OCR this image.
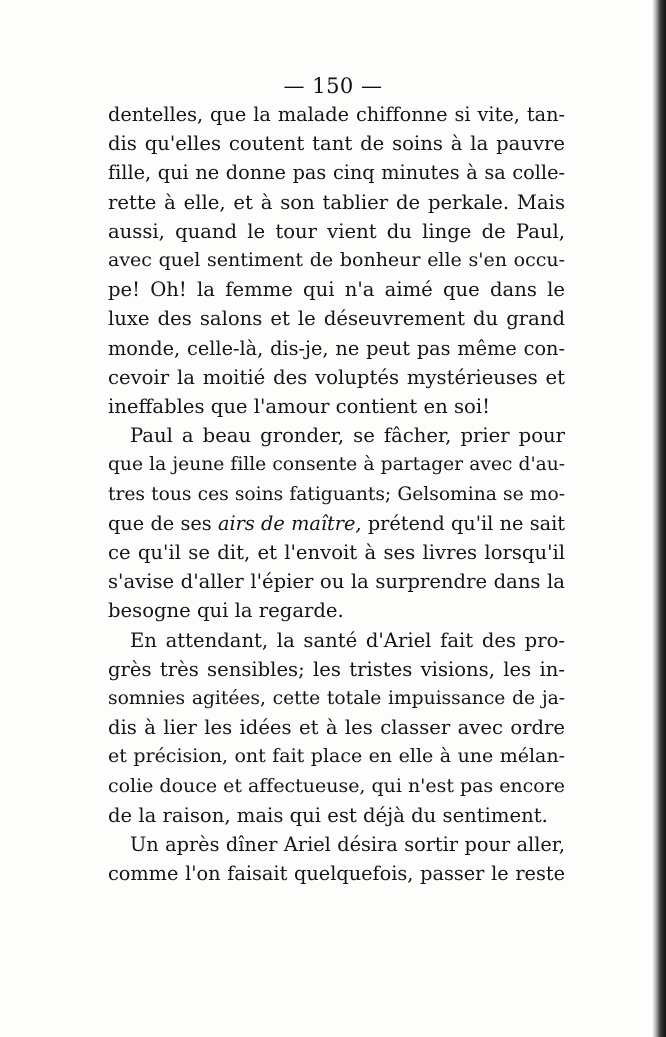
— 150 —

dentelles, que la malade chiffonne si vite, tan-
dis qu'elles coutent tant de soins à la pauvre
fille, qui ne donne pas cinq minutes à sa colle-
rette à elle, et à son tablier de perkale. Mais
aussi, quand le tour vient du linge de Paul,
avec quel sentiment de bonheur elle s'en occu-
pe! Oh! la femme qui n'a aimé que dans le
luxe des salons et le déseuvrement du grand
monde, celle-là, dis-je, ne peut pas même con-
cevoir la moitié des voluptés mystérieuses et
ineffables que l'amour contient en soi!

Paul a beau gronder, se fâcher, prier pour
que la jeune fille consente à partager avec d'au-
tres tous ces soins fatiguants; Gelsomina se mo-
que de ses airs de maître, prétend qu'il ne sait
ce qu'il se dit, et l'envoit à ses livres lorsqu'il
s'avise d'aller l'épier ou la surprendre dans la
besogne qui la regarde.

En attendant, la santé d'Ariel fait des pro-
grès très sensibles; les tristes visions, les in-
somnies agitées, cette totale impuissance de ja-
dis à lier les idées et à les classer avec ordre
et précision, ont fait place en elle à une mélan-
colie douce et affectueuse, qui n'est pas encore
de la raison, mais qui est déjà du sentiment.

Un après dîner Ariel désira sortir pour aller,
comme l'on faisait quelquefois, passer le reste
